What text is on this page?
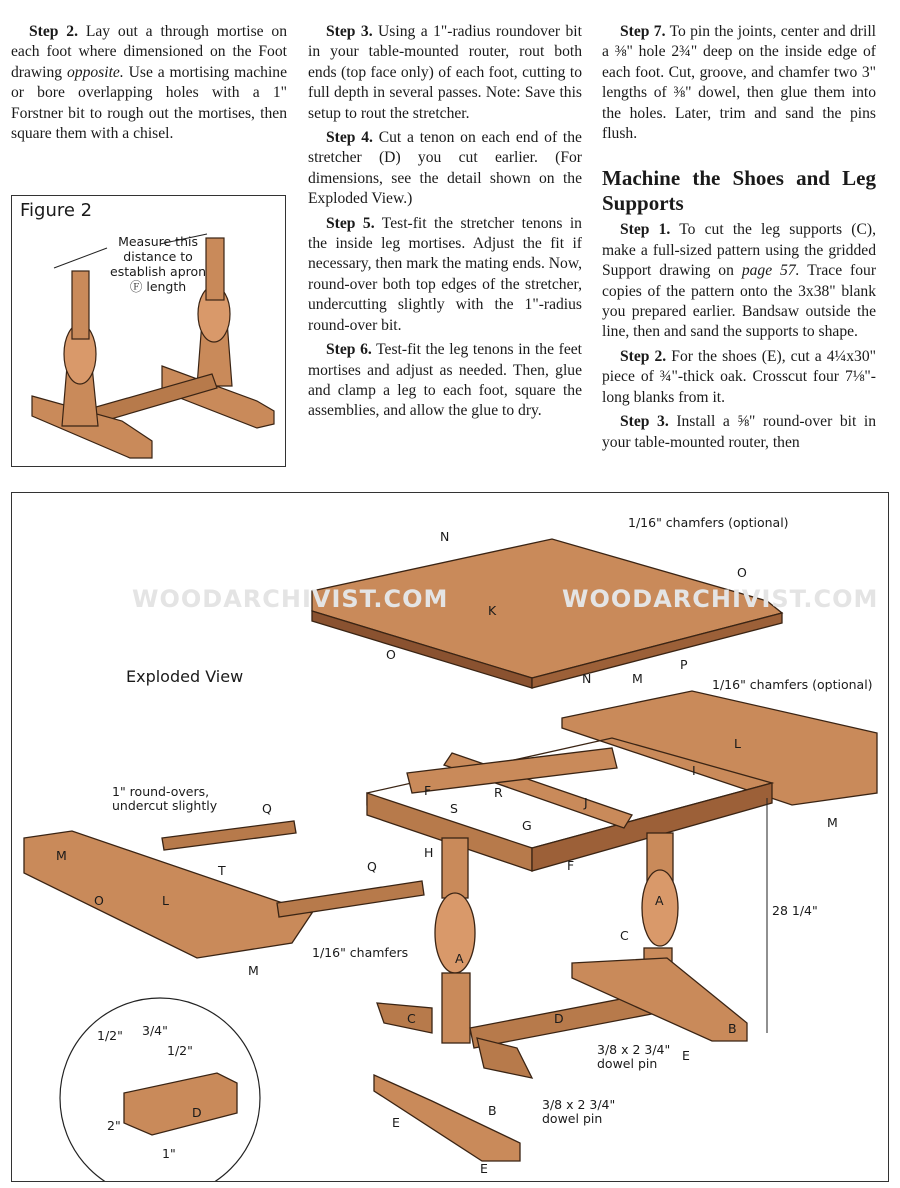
Step 2. Lay out a through mortise on each foot where dimensioned on the Foot drawing opposite. Use a mortising machine or bore overlapping holes with a 1" Forstner bit to rough out the mortises, then square them with a chisel.

Step 3. Using a 1"-radius roundover bit in your table-mounted router, rout both ends (top face only) of each foot, cutting to full depth in several passes. Note: Save this setup to rout the stretcher.

Step 4. Cut a tenon on each end of the stretcher (D) you cut earlier. (For dimensions, see the detail shown on the Exploded View.)

Step 5. Test-fit the stretcher tenons in the inside leg mortises. Adjust the fit if necessary, then mark the mating ends. Now, round-over both top edges of the stretcher, undercutting slightly with the 1"-radius round-over bit.

Step 6. Test-fit the leg tenons in the feet mortises and adjust as needed. Then, glue and clamp a leg to each foot, square the assemblies, and allow the glue to dry.

Step 7. To pin the joints, center and drill a ⅜" hole 2¾" deep on the inside edge of each foot. Cut, groove, and chamfer two 3" lengths of ⅜" dowel, then glue them into the holes. Later, trim and sand the pins flush.

Machine the Shoes and Leg Supports

Step 1. To cut the leg supports (C), make a full-sized pattern using the gridded Support drawing on page 57. Trace four copies of the pattern onto the 3x38" blank you prepared earlier. Bandsaw outside the line, then and sand the supports to shape.

Step 2. For the shoes (E), cut a 4¼x30" piece of ¾"-thick oak. Crosscut four 7⅛"-long blanks from it.

Step 3. Install a ⅝" round-over bit in your table-mounted router, then

Figure 2
Measure this
distance to
establish apron
Ⓕ length
WOODARCHIVIST.COM	WOODARCHIVIST.COM
Exploded View
1/16" chamfers (optional)
1/16" chamfers (optional)
1/16" chamfers
28 1/4"
1" round-overs,
undercut slightly
3/8 x 2 3/4"
dowel pin
3/8 x 2 3/4"
dowel pin
1/2" 3/4"
1/2"
2"
1"
A
A
B
B
C
C	D
D
E
E
E
F
F
G
H
I
J
K
L
L
M
M
M
M
N
N
O
O
O
P
Q
Q
R
S
T
